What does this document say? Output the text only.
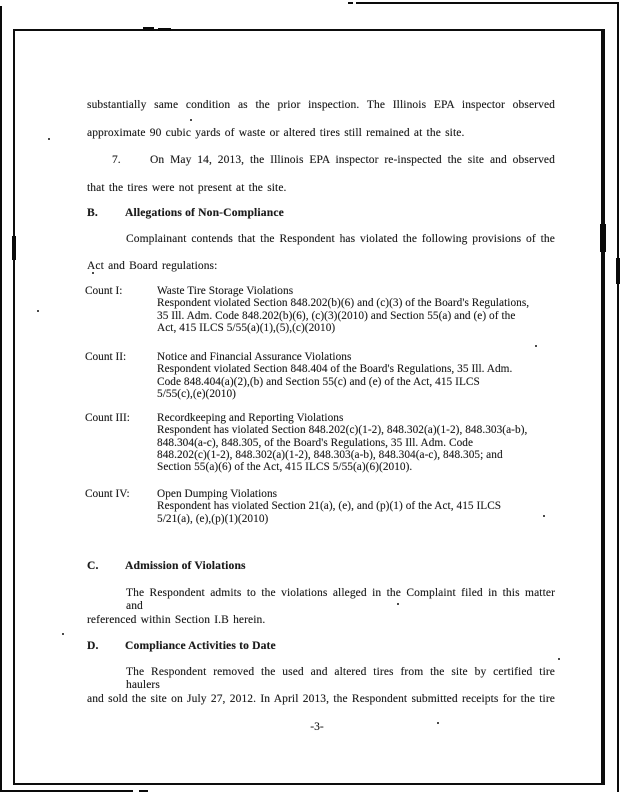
substantially same condition as the prior inspection. The Illinois EPA inspector observed
approximate 90 cubic yards of waste or altered tires still remained at the site.
7.	On May 14, 2013, the Illinois EPA inspector re-inspected the site and observed
that the tires were not present at the site.
B. Allegations of Non-Compliance
Complainant contends that the Respondent has violated the following provisions of the
Act and Board regulations:
Count I:	Waste Tire Storage Violations
Respondent violated Section 848.202(b)(6) and (c)(3) of the Board's Regulations,
35 Ill. Adm. Code 848.202(b)(6), (c)(3)(2010) and Section 55(a) and (e) of the
Act, 415 ILCS 5/55(a)(1),(5),(c)(2010)
Count II:	Notice and Financial Assurance Violations
Respondent violated Section 848.404 of the Board's Regulations, 35 Ill. Adm.
Code 848.404(a)(2),(b) and Section 55(c) and (e) of the Act, 415 ILCS
5/55(c),(e)(2010)
Count III: Recordkeeping and Reporting Violations
Respondent has violated Section 848.202(c)(1-2), 848.302(a)(1-2), 848.303(a-b),
848.304(a-c), 848.305, of the Board's Regulations, 35 Ill. Adm. Code
848.202(c)(1-2), 848.302(a)(1-2), 848.303(a-b), 848.304(a-c), 848.305; and
Section 55(a)(6) of the Act, 415 ILCS 5/55(a)(6)(2010).
Count IV: Open Dumping Violations
Respondent has violated Section 21(a), (e), and (p)(1) of the Act, 415 ILCS
5/21(a), (e),(p)(1)(2010)
C. Admission of Violations
The Respondent admits to the violations alleged in the Complaint filed in this matter and
referenced within Section I.B herein.
D. Compliance Activities to Date
The Respondent removed the used and altered tires from the site by certified tire haulers
and sold the site on July 27, 2012. In April 2013, the Respondent submitted receipts for the tire
-3-
